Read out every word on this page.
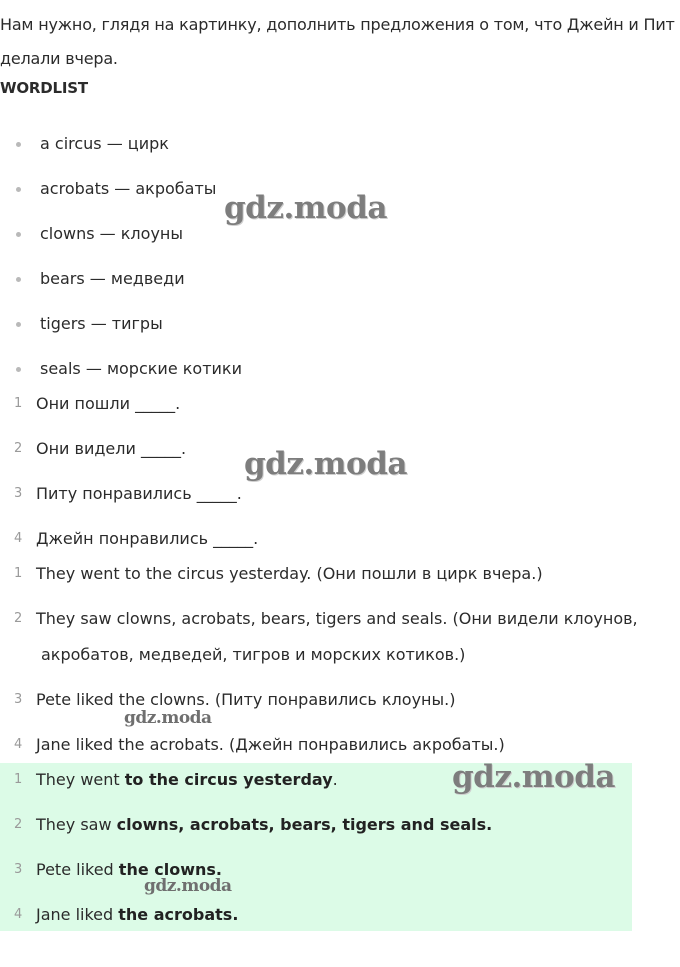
Нам нужно, глядя на картинку, дополнить предложения о том, что Джейн и Пит делали вчера.
WORDLIST
a circus — цирк
acrobats — акробаты
clowns — клоуны
bears — медведи
tigers — тигры
seals — морские котики
1 Они пошли _____.
2 Они видели _____.
3 Питу понравились _____.
4 Джейн понравились _____.
1 They went to the circus yesterday. (Они пошли в цирк вчера.)
2 They saw clowns, acrobats, bears, tigers and seals. (Они видели клоунов,
акробатов, медведей, тигров и морских котиков.)
3 Pete liked the clowns. (Питу понравились клоуны.)
4 Jane liked the acrobats. (Джейн понравились акробаты.)
1 They went to the circus yesterday.
2 They saw clowns, acrobats, bears, tigers and seals.
3 Pete liked the clowns.
4 Jane liked the acrobats.
gdz.moda
gdz.moda
gdz.moda
gdz.moda
gdz.moda
